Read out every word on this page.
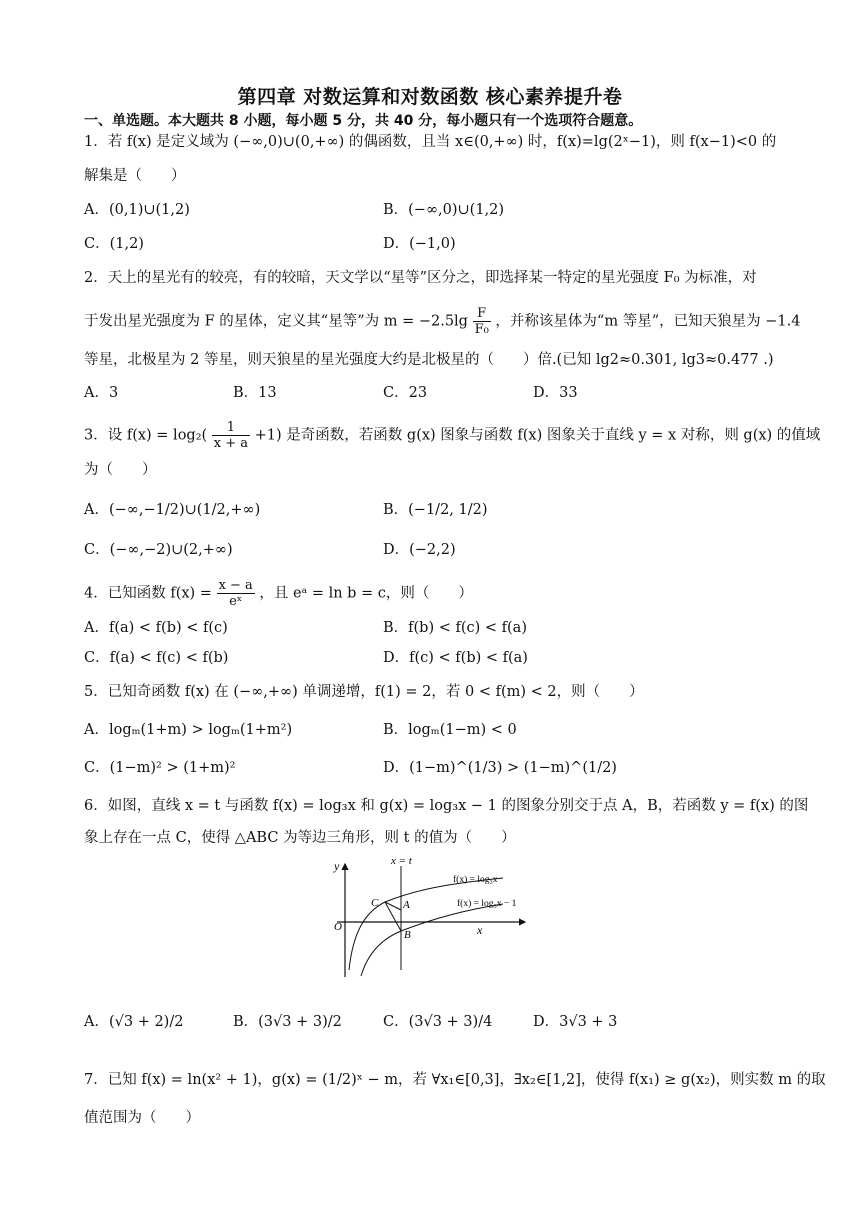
第四章 对数运算和对数函数 核心素养提升卷
一、单选题。本大题共 8 小题，每小题 5 分，共 40 分，每小题只有一个选项符合题意。
1．若 f(x) 是定义域为 (−∞,0)∪(0,+∞) 的偶函数，且当 x∈(0,+∞) 时，f(x)=lg(2ˣ−1)，则 f(x−1)<0 的
解集是（　　）
A．(0,1)∪(1,2)	B．(−∞,0)∪(1,2)
C．(1,2)	D．(−1,0)
2．天上的星光有的较亮，有的较暗，天文学以“星等”区分之，即选择某一特定的星光强度 F₀ 为标准，对
于发出星光强度为 F 的星体，定义其“星等”为 $m = -2.5\lg \frac{F}{\text{F₀}}$ ，并称该星体为“m 等星”，已知天狼星为 −1.4
等星，北极星为 2 等星，则天狼星的星光强度大约是北极星的（　　）倍.(已知 lg2≈0.301, lg3≈0.477 .)
A．3	B．13	C．23	D．33
3．设 $f(x) = \log_2( \frac{1}{x + a} +1)$ 是奇函数，若函数 g(x) 图象与函数 f(x) 图象关于直线 y = x 对称，则 g(x) 的值域
为（　　）
A．(−∞,−1/2)∪(1/2,+∞)	B．(−1/2, 1/2)
C．(−∞,−2)∪(2,+∞)	D．(−2,2)
4．已知函数 $f(x) = \frac{x - a}{\text{eˣ}}$ ，且 eᵃ = ln b = c，则（　　）
A．f(a) < f(b) < f(c)	B．f(b) < f(c) < f(a)
C．f(a) < f(c) < f(b)	D．f(c) < f(b) < f(a)
5．已知奇函数 f(x) 在 (−∞,+∞) 单调递增，f(1) = 2，若 0 < f(m) < 2，则（　　）
A．logₘ(1+m) > logₘ(1+m²)	B．logₘ(1−m) < 0
C．(1−m)² > (1+m)²	D．(1−m)^(1/3) > (1−m)^(1/2)
6．如图，直线 x = t 与函数 f(x) = log₃x 和 g(x) = log₃x − 1 的图象分别交于点 A，B，若函数 y = f(x) 的图
象上存在一点 C，使得 △ABC 为等边三角形，则 t 的值为（　　）
y
x
O
x = t
f(x) = log₃x
f(x) = log₃x − 1
A
B
C
A．(√3 + 2)/2	B．(3√3 + 3)/2	C．(3√3 + 3)/4	D．3√3 + 3
7．已知 f(x) = ln(x² + 1)，g(x) = (1/2)ˣ − m，若 ∀x₁∈[0,3]，∃x₂∈[1,2]，使得 f(x₁) ≥ g(x₂)，则实数 m 的取
值范围为（　　）
